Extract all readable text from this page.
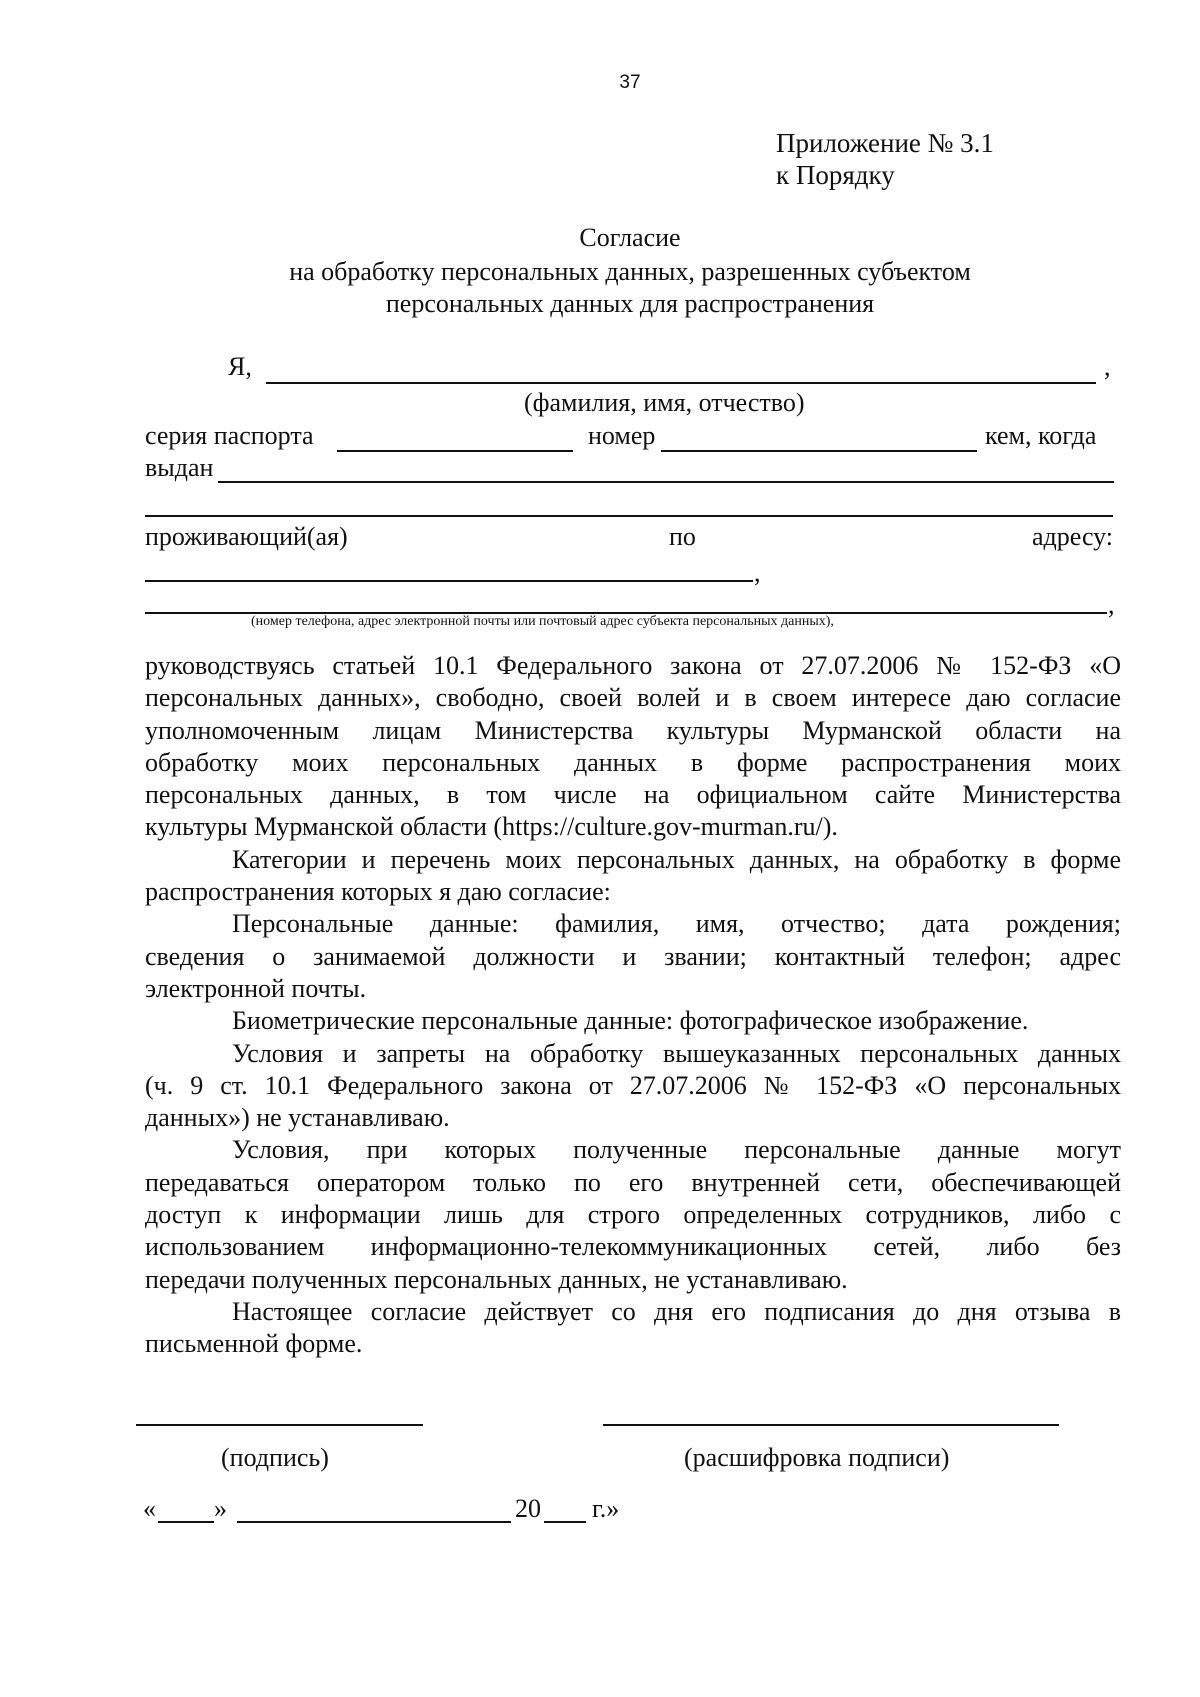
37
Приложение № 3.1
к Порядку
Согласие
на обработку персональных данных, разрешенных субъектом
персональных данных для распространения
Я,	,
(фамилия, имя, отчество)
серия паспорта	номер	кем, когда
выдан
проживающий(ая)	по	адресу:
,
,
(номер телефона, адрес электронной почты или почтовый адрес субъекта персональных данных),
руководствуясь статьей 10.1 Федерального закона от 27.07.2006 № 152-ФЗ «О
персональных данных», свободно, своей волей и в своем интересе даю согласие
уполномоченным лицам Министерства культуры Мурманской области на
обработку моих персональных данных в форме распространения моих
персональных данных, в том числе на официальном сайте Министерства
культуры Мурманской области (https://culture.gov-murman.ru/).
Категории и перечень моих персональных данных, на обработку в форме
распространения которых я даю согласие:
Персональные данные: фамилия, имя, отчество; дата рождения;
сведения о занимаемой должности и звании; контактный телефон; адрес
электронной почты.
Биометрические персональные данные: фотографическое изображение.
Условия и запреты на обработку вышеуказанных персональных данных
(ч. 9 ст. 10.1 Федерального закона от 27.07.2006 № 152-ФЗ «О персональных
данных») не устанавливаю.
Условия, при которых полученные персональные данные могут
передаваться оператором только по его внутренней сети, обеспечивающей
доступ к информации лишь для строго определенных сотрудников, либо с
использованием информационно-телекоммуникационных сетей, либо без
передачи полученных персональных данных, не устанавливаю.
Настоящее согласие действует со дня его подписания до дня отзыва в
письменной форме.
(подпись)	(расшифровка подписи)
« »	20 г.»
